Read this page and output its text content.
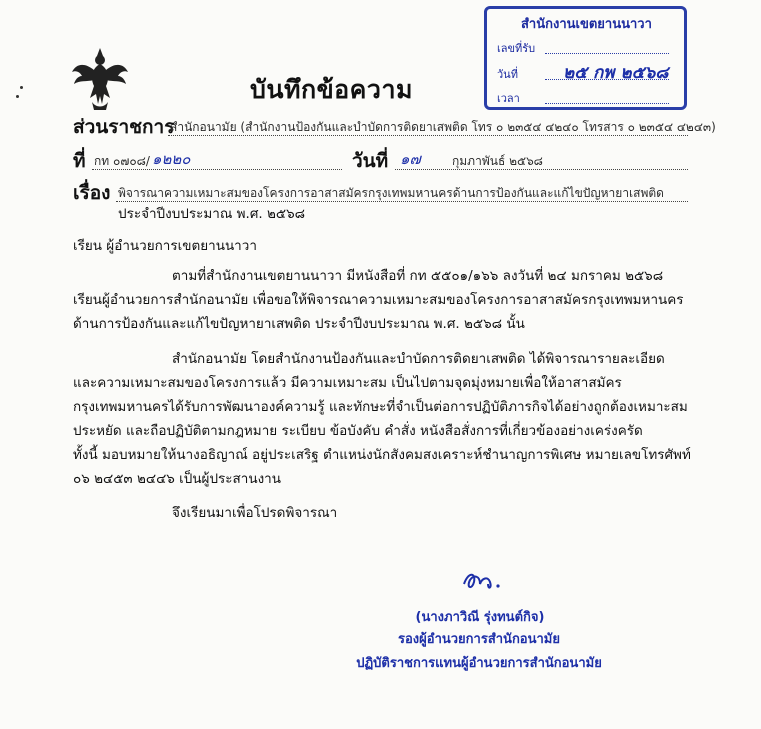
สำนักงานเขตยานนาวา
เลขที่รับ
วันที่	๒๕ กพ ๒๕๖๘
เวลา
บันทึกข้อความ
ส่วนราชการ
สำนักอนามัย (สำนักงานป้องกันและบำบัดการติดยาเสพติด โทร ๐ ๒๓๕๔ ๔๒๔๐ โทรสาร ๐ ๒๓๕๔ ๔๒๔๓)
ที่ กท ๐๗๐๘/ ๑๒๒๐	วันที่ ๑๗	กุมภาพันธ์ ๒๕๖๘
เรื่อง พิจารณาความเหมาะสมของโครงการอาสาสมัครกรุงเทพมหานครด้านการป้องกันและแก้ไขปัญหายาเสพติด
ประจำปีงบประมาณ พ.ศ. ๒๕๖๘
เรียน ผู้อำนวยการเขตยานนาวา
ตามที่สำนักงานเขตยานนาวา มีหนังสือที่ กท ๕๕๐๑/๑๖๖ ลงวันที่ ๒๔ มกราคม ๒๕๖๘
เรียนผู้อำนวยการสำนักอนามัย เพื่อขอให้พิจารณาความเหมาะสมของโครงการอาสาสมัครกรุงเทพมหานคร
ด้านการป้องกันและแก้ไขปัญหายาเสพติด ประจำปีงบประมาณ พ.ศ. ๒๕๖๘ นั้น
สำนักอนามัย โดยสำนักงานป้องกันและบำบัดการติดยาเสพติด ได้พิจารณารายละเอียด
และความเหมาะสมของโครงการแล้ว มีความเหมาะสม เป็นไปตามจุดมุ่งหมายเพื่อให้อาสาสมัคร
กรุงเทพมหานครได้รับการพัฒนาองค์ความรู้ และทักษะที่จำเป็นต่อการปฏิบัติภารกิจได้อย่างถูกต้องเหมาะสม
ประหยัด และถือปฏิบัติตามกฎหมาย ระเบียบ ข้อบังคับ คำสั่ง หนังสือสั่งการที่เกี่ยวข้องอย่างเคร่งครัด
ทั้งนี้ มอบหมายให้นางอธิญาณ์ อยู่ประเสริฐ ตำแหน่งนักสังคมสงเคราะห์ชำนาญการพิเศษ หมายเลขโทรศัพท์
๐๖ ๒๔๕๓ ๒๔๔๖ เป็นผู้ประสานงาน
จึงเรียนมาเพื่อโปรดพิจารณา
(นางภาวิณี รุ่งทนต์กิจ)
รองผู้อำนวยการสำนักอนามัย
ปฏิบัติราชการแทนผู้อำนวยการสำนักอนามัย
